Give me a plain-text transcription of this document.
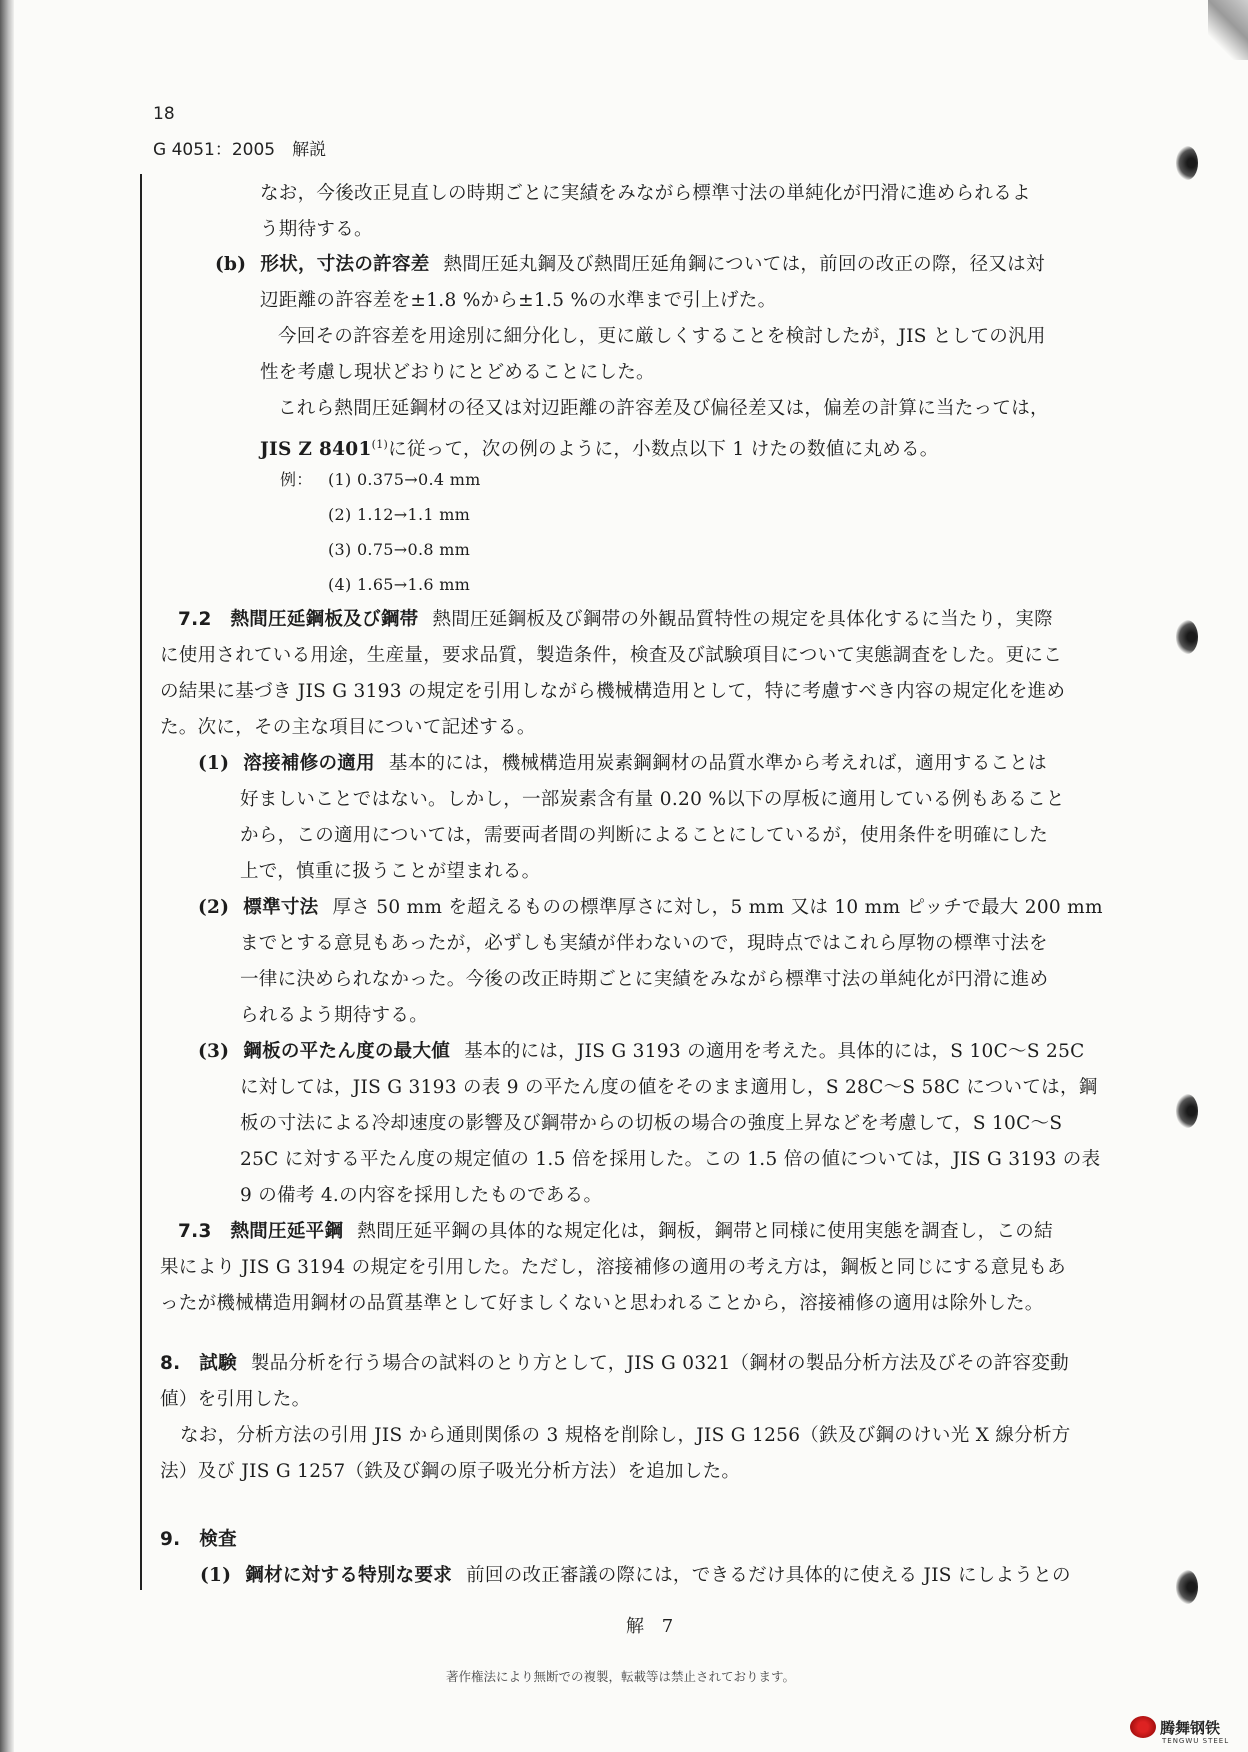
18
G 4051：2005　解説
なお，今後改正見直しの時期ごとに実績をみながら標準寸法の単純化が円滑に進められるよ
う期待する。
(b) 形状，寸法の許容差 熱間圧延丸鋼及び熱間圧延角鋼については，前回の改正の際，径又は対
辺距離の許容差を±1.8 %から±1.5 %の水準まで引上げた。
今回その許容差を用途別に細分化し，更に厳しくすることを検討したが，JIS としての汎用
性を考慮し現状どおりにとどめることにした。
これら熱間圧延鋼材の径又は対辺距離の許容差及び偏径差又は，偏差の計算に当たっては，
JIS Z 8401$^{(1)}$に従って，次の例のように，小数点以下 1 けたの数値に丸める。
例： (1) 0.375→0.4 mm
(2) 1.12→1.1 mm
(3) 0.75→0.8 mm
(4) 1.65→1.6 mm
7.2　熱間圧延鋼板及び鋼帯 熱間圧延鋼板及び鋼帯の外観品質特性の規定を具体化するに当たり，実際
に使用されている用途，生産量，要求品質，製造条件，検査及び試験項目について実態調査をした。更にこ
の結果に基づき JIS G 3193 の規定を引用しながら機械構造用として，特に考慮すべき内容の規定化を進め
た。次に，その主な項目について記述する。
(1) 溶接補修の適用 基本的には，機械構造用炭素鋼鋼材の品質水準から考えれば，適用することは
好ましいことではない。しかし，一部炭素含有量 0.20 %以下の厚板に適用している例もあること
から，この適用については，需要両者間の判断によることにしているが，使用条件を明確にした
上で，慎重に扱うことが望まれる。
(2) 標準寸法 厚さ 50 mm を超えるものの標準厚さに対し，5 mm 又は 10 mm ピッチで最大 200 mm
までとする意見もあったが，必ずしも実績が伴わないので，現時点ではこれら厚物の標準寸法を
一律に決められなかった。今後の改正時期ごとに実績をみながら標準寸法の単純化が円滑に進め
られるよう期待する。
(3) 鋼板の平たん度の最大値 基本的には，JIS G 3193 の適用を考えた。具体的には，S 10C～S 25C
に対しては，JIS G 3193 の表 9 の平たん度の値をそのまま適用し，S 28C～S 58C については，鋼
板の寸法による冷却速度の影響及び鋼帯からの切板の場合の強度上昇などを考慮して，S 10C～S
25C に対する平たん度の規定値の 1.5 倍を採用した。この 1.5 倍の値については，JIS G 3193 の表
9 の備考 4.の内容を採用したものである。
7.3　熱間圧延平鋼 熱間圧延平鋼の具体的な規定化は，鋼板，鋼帯と同様に使用実態を調査し，この結
果により JIS G 3194 の規定を引用した。ただし，溶接補修の適用の考え方は，鋼板と同じにする意見もあ
ったが機械構造用鋼材の品質基準として好ましくないと思われることから，溶接補修の適用は除外した。
8.　試験 製品分析を行う場合の試料のとり方として，JIS G 0321（鋼材の製品分析方法及びその許容変動
値）を引用した。
なお，分析方法の引用 JIS から通則関係の 3 規格を削除し，JIS G 1256（鉄及び鋼のけい光 X 線分析方
法）及び JIS G 1257（鉄及び鋼の原子吸光分析方法）を追加した。
9.　検査
(1) 鋼材に対する特別な要求 前回の改正審議の際には，できるだけ具体的に使える JIS にしようとの
解 7
著作権法により無断での複製，転載等は禁止されております。
腾舞钢铁
TENGWU STEEL
